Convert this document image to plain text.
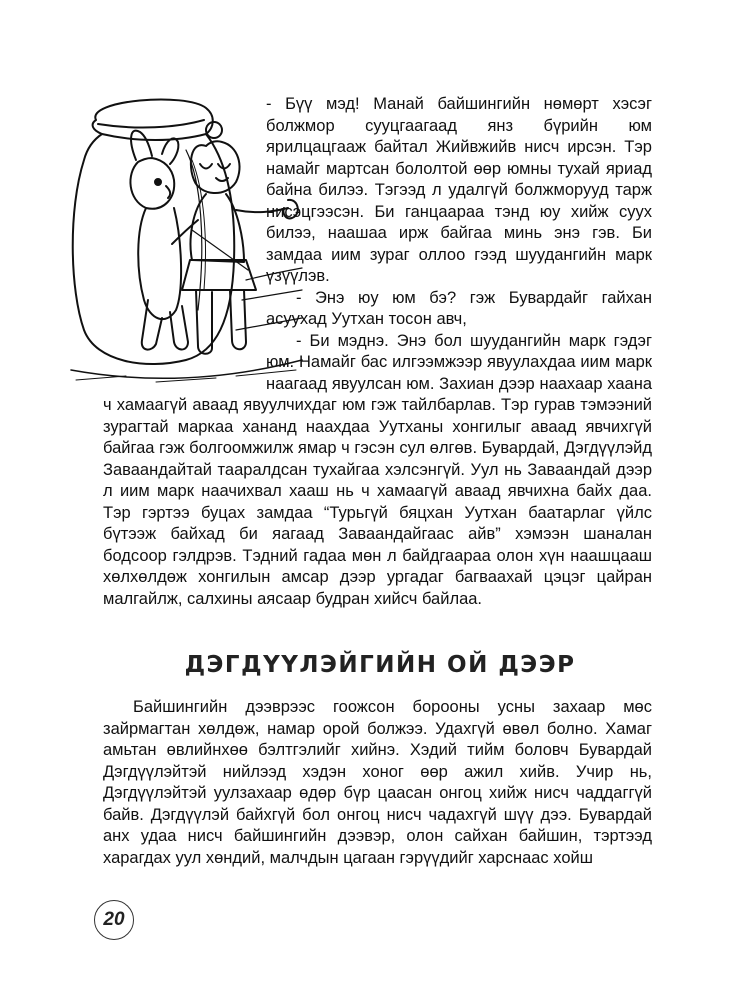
- Бүү мэд! Манай байшингийн нөмөрт хэсэг болжмор сууцгаагаад янз бүрийн юм ярилцацгааж байтал Жийвжийв нисч ирсэн. Тэр намайг мартсан бололтой өөр юмны тухай яриад байна билээ. Тэгээд л удалгүй болжморууд тарж нисэцгээсэн. Би ганцаараа тэнд юу хийж суух билээ, наашаа ирж байгаа минь энэ гэв. Би замдаа иим зураг оллоо гээд шуудангийн марк үзүүлэв.

- Энэ юу юм бэ? гэж Бувардайг гайхан асуухад Уутхан тосон авч,

- Би мэднэ. Энэ бол шуудангийн марк гэдэг юм. Намайг бас илгээмжээр явуулахдаа иим марк наагаад явуулсан юм. Захиан дээр наахаар хаана ч хамаагүй аваад явуулчихдаг юм гэж тайлбарлав. Тэр гурав тэмээний зурагтай маркаа хананд наахдаа Уутханы хонгилыг аваад явчихгүй байгаа гэж болгоомжилж ямар ч гэсэн сул өлгөв. Бувардай, Дэгдүүлэйд Заваандайтай таарaлдсан тухайгаа хэлсэнгүй. Уул нь Заваандай дээр л иим марк наачихвал хааш нь ч хамаагүй аваад явчихна байх даа. Тэр гэртээ буцах замдаа “Турьгүй бяцхан Уутхан баатарлаг үйлс бүтээж байхад би яагаад Заваандайгаас айв” хэмээн шаналан бодсоор гэлдрэв. Тэдний гадаа мөн л байдгаараа олон хүн наашцааш хөлхөлдөж хонгилын амсар дээр ургадаг багваахай цэцэг цайран малгайлж, салхины аясаар будран хийсч байлаа.

ДЭГДҮҮЛЭЙГИЙН ОЙ ДЭЭР

Байшингийн дээврээс гоожсон бороoны усны захаар мөс зайрмагтан хөлдөж, намар орой болжээ. Удахгүй өвөл болно. Хамаг амьтан өвлийнхөө бэлтгэлийг хийнэ. Хэдий тийм боловч Бувардай Дэгдүүлэйтэй нийлээд хэдэн хоног өөр ажил хийв. Учир нь, Дэгдүүлэйтэй уулзахаар өдөр бүр цаасан онгоц хийж нисч чаддаггүй байв. Дэгдүүлэй байхгүй бол онгоц нисч чадахгүй шүү дээ. Бувардай анх удаа нисч байшингийн дээвэр, олон сайхан байшин, тэртээд харагдах уул хөндий, малчдын цагаан гэрүүдийг харснаас хойш

20
